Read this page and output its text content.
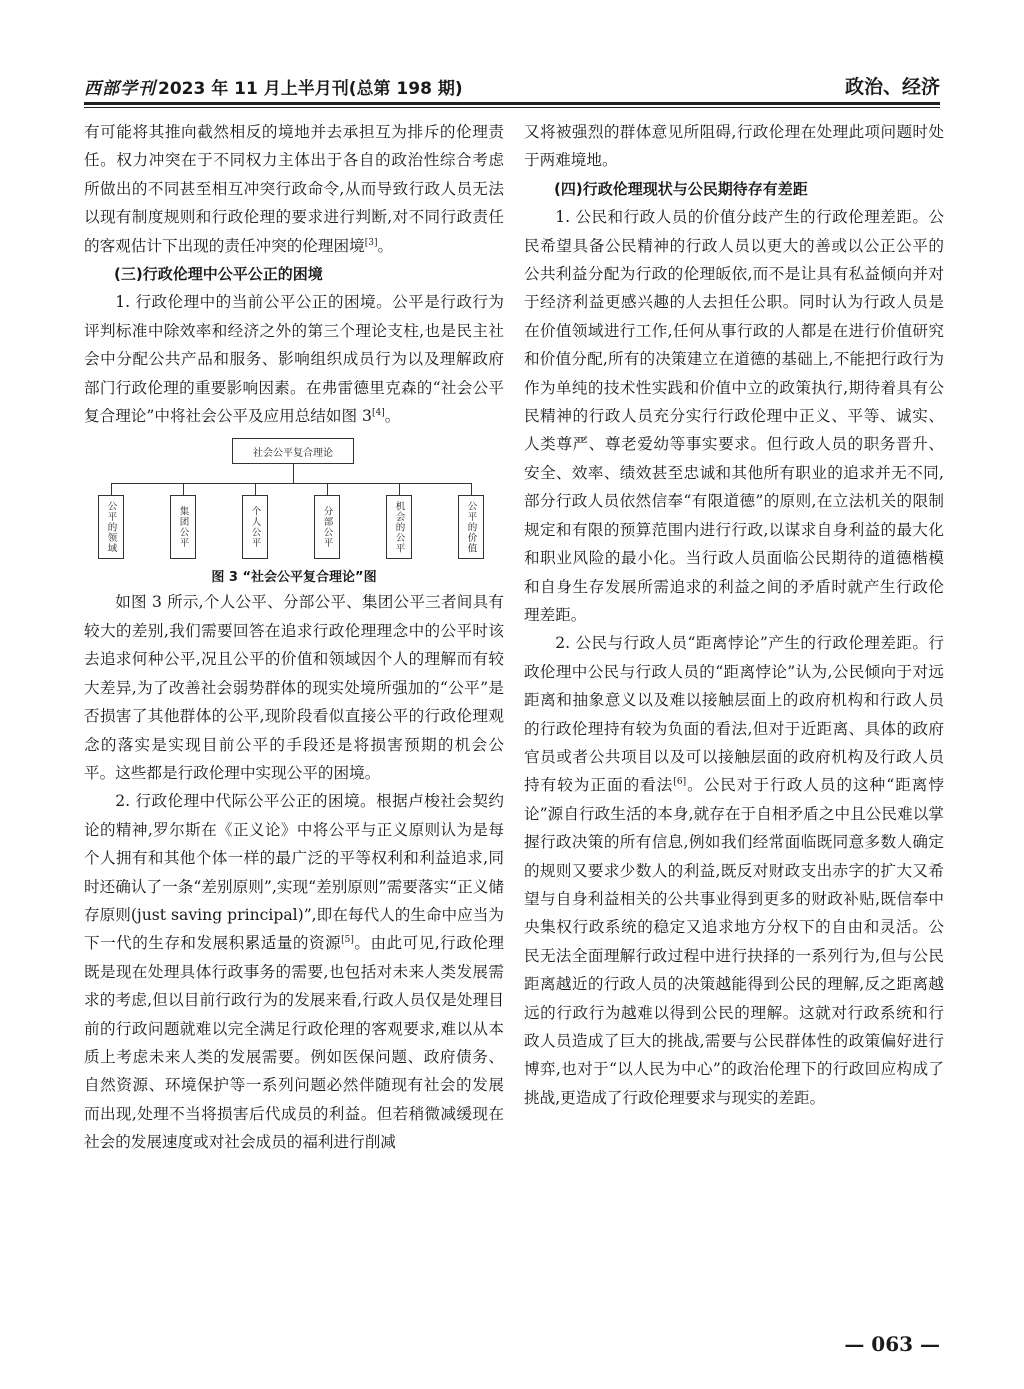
西部学刊 2023 年 11 月上半月刊(总第 198 期)	政治、经济

有可能将其推向截然相反的境地并去承担互为排斥的伦理责任。权力冲突在于不同权力主体出于各自的政治性综合考虑所做出的不同甚至相互冲突行政命令,从而导致行政人员无法以现有制度规则和行政伦理的要求进行判断,对不同行政责任的客观估计下出现的责任冲突的伦理困境[3]。

(三)行政伦理中公平公正的困境

1. 行政伦理中的当前公平公正的困境。公平是行政行为评判标准中除效率和经济之外的第三个理论支柱,也是民主社会中分配公共产品和服务、影响组织成员行为以及理解政府部门行政伦理的重要影响因素。在弗雷德里克森的“社会公平复合理论”中将社会公平及应用总结如图 3[4]。

社会公平复合理论
公平的领域	集团公平	个人公平	分部公平	机会的公平	公平的价值

图 3 “社会公平复合理论”图

如图 3 所示,个人公平、分部公平、集团公平三者间具有较大的差别,我们需要回答在追求行政伦理理念中的公平时该去追求何种公平,况且公平的价值和领域因个人的理解而有较大差异,为了改善社会弱势群体的现实处境所强加的“公平”是否损害了其他群体的公平,现阶段看似直接公平的行政伦理观念的落实是实现目前公平的手段还是将损害预期的机会公平。这些都是行政伦理中实现公平的困境。

2. 行政伦理中代际公平公正的困境。根据卢梭社会契约论的精神,罗尔斯在《正义论》中将公平与正义原则认为是每个人拥有和其他个体一样的最广泛的平等权利和利益追求,同时还确认了一条“差别原则”,实现“差别原则”需要落实“正义储存原则(just saving principal)”,即在每代人的生命中应当为下一代的生存和发展积累适量的资源[5]。由此可见,行政伦理既是现在处理具体行政事务的需要,也包括对未来人类发展需求的考虑,但以目前行政行为的发展来看,行政人员仅是处理目前的行政问题就难以完全满足行政伦理的客观要求,难以从本质上考虑未来人类的发展需要。例如医保问题、政府债务、自然资源、环境保护等一系列问题必然伴随现有社会的发展而出现,处理不当将损害后代成员的利益。但若稍微减缓现在社会的发展速度或对社会成员的福利进行削减

又将被强烈的群体意见所阻碍,行政伦理在处理此项问题时处于两难境地。

(四)行政伦理现状与公民期待存有差距

1. 公民和行政人员的价值分歧产生的行政伦理差距。公民希望具备公民精神的行政人员以更大的善或以公正公平的公共利益分配为行政的伦理皈依,而不是让具有私益倾向并对于经济利益更感兴趣的人去担任公职。同时认为行政人员是在价值领域进行工作,任何从事行政的人都是在进行价值研究和价值分配,所有的决策建立在道德的基础上,不能把行政行为作为单纯的技术性实践和价值中立的政策执行,期待着具有公民精神的行政人员充分实行行政伦理中正义、平等、诚实、人类尊严、尊老爱幼等事实要求。但行政人员的职务晋升、安全、效率、绩效甚至忠诚和其他所有职业的追求并无不同,部分行政人员依然信奉“有限道德”的原则,在立法机关的限制规定和有限的预算范围内进行行政,以谋求自身利益的最大化和职业风险的最小化。当行政人员面临公民期待的道德楷模和自身生存发展所需追求的利益之间的矛盾时就产生行政伦理差距。

2. 公民与行政人员“距离悖论”产生的行政伦理差距。行政伦理中公民与行政人员的“距离悖论”认为,公民倾向于对远距离和抽象意义以及难以接触层面上的政府机构和行政人员的行政伦理持有较为负面的看法,但对于近距离、具体的政府官员或者公共项目以及可以接触层面的政府机构及行政人员持有较为正面的看法[6]。公民对于行政人员的这种“距离悖论”源自行政生活的本身,就存在于自相矛盾之中且公民难以掌握行政决策的所有信息,例如我们经常面临既同意多数人确定的规则又要求少数人的利益,既反对财政支出赤字的扩大又希望与自身利益相关的公共事业得到更多的财政补贴,既信奉中央集权行政系统的稳定又追求地方分权下的自由和灵活。公民无法全面理解行政过程中进行抉择的一系列行为,但与公民距离越近的行政人员的决策越能得到公民的理解,反之距离越远的行政行为越难以得到公民的理解。这就对行政系统和行政人员造成了巨大的挑战,需要与公民群体性的政策偏好进行博弈,也对于“以人民为中心”的政治伦理下的行政回应构成了挑战,更造成了行政伦理要求与现实的差距。

— 063 —
